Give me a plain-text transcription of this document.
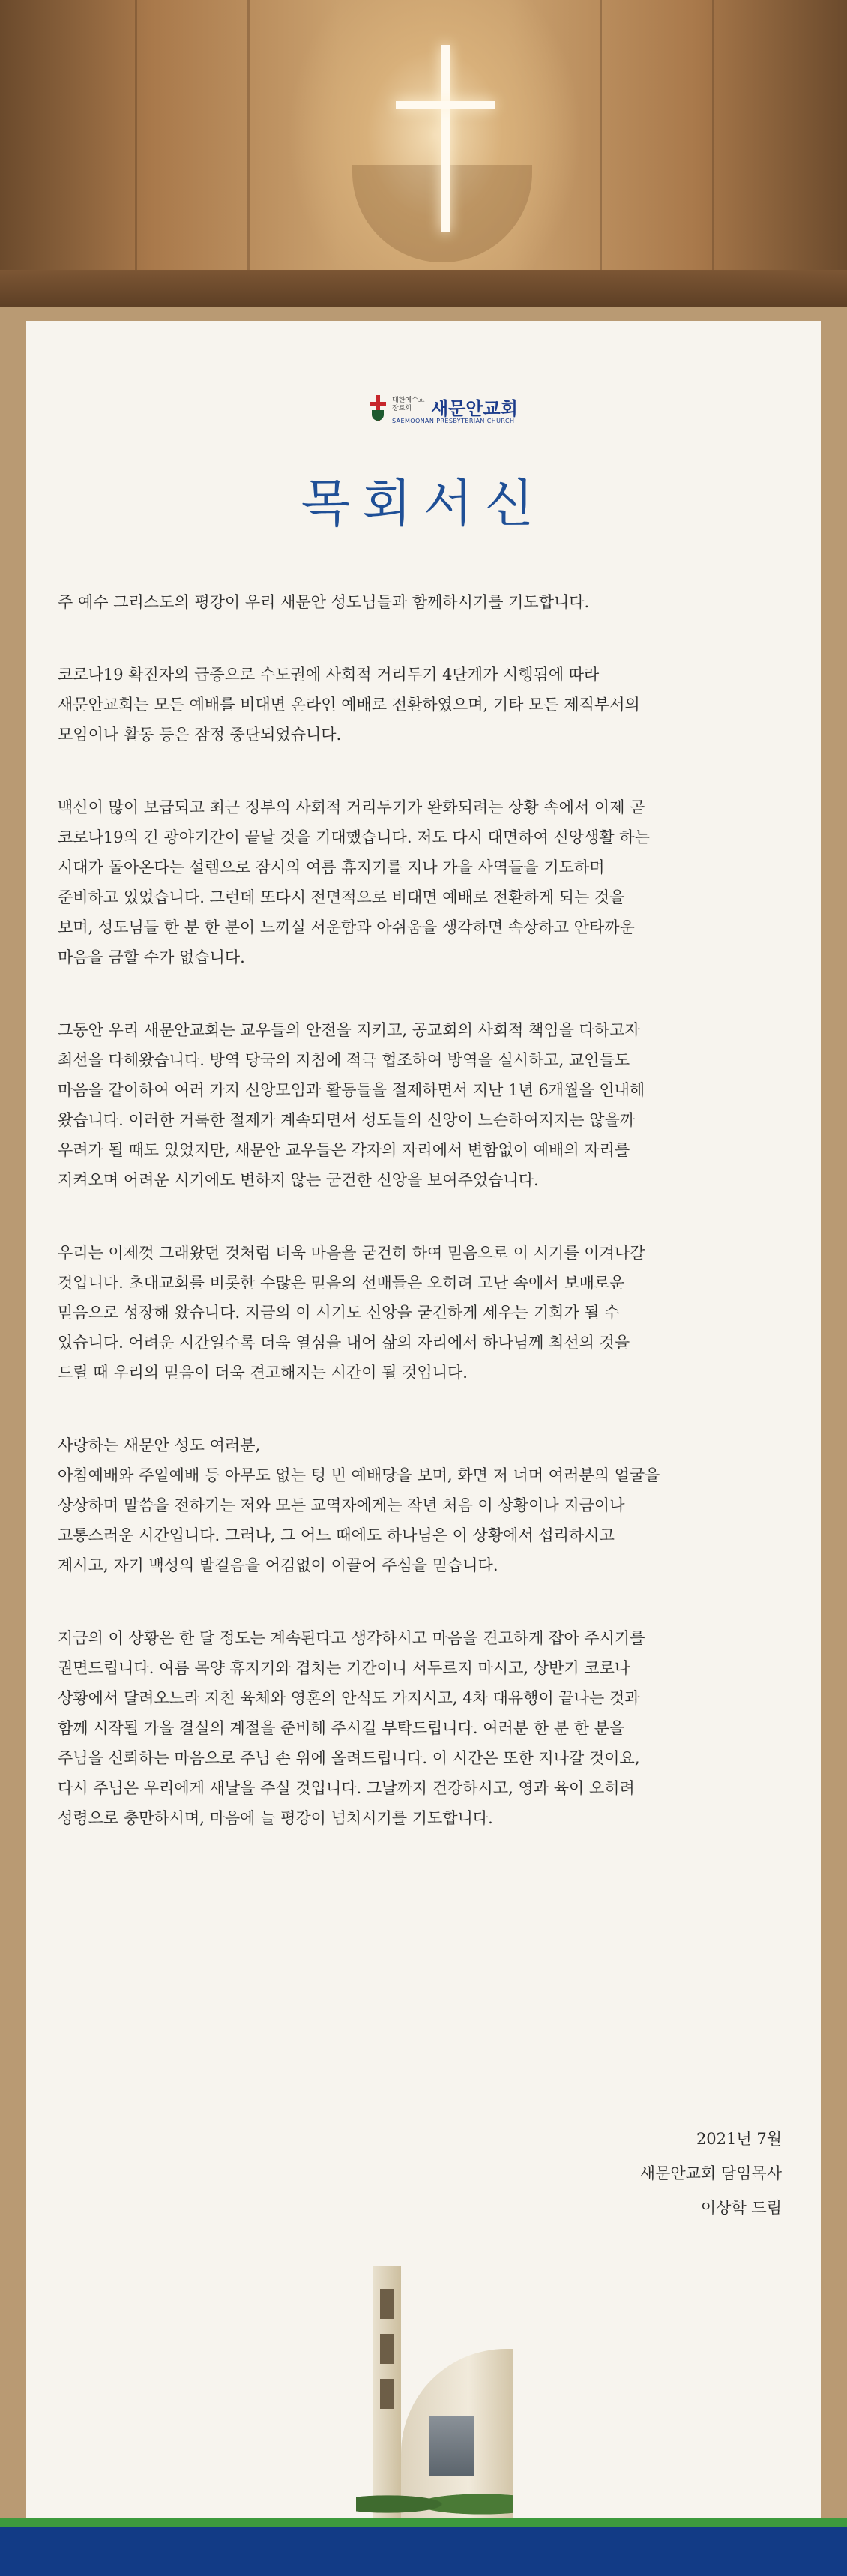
대한예수교 장로회	새문안교회
SAEMOONAN PRESBYTERIAN CHURCH
목회서신

주 예수 그리스도의 평강이 우리 새문안 성도님들과 함께하시기를 기도합니다.

코로나19 확진자의 급증으로 수도권에 사회적 거리두기 4단계가 시행됨에 따라
새문안교회는 모든 예배를 비대면 온라인 예배로 전환하였으며, 기타 모든 제직부서의
모임이나 활동 등은 잠정 중단되었습니다.

백신이 많이 보급되고 최근 정부의 사회적 거리두기가 완화되려는 상황 속에서 이제 곧
코로나19의 긴 광야기간이 끝날 것을 기대했습니다. 저도 다시 대면하여 신앙생활 하는
시대가 돌아온다는 설렘으로 잠시의 여름 휴지기를 지나 가을 사역들을 기도하며
준비하고 있었습니다. 그런데 또다시 전면적으로 비대면 예배로 전환하게 되는 것을
보며, 성도님들 한 분 한 분이 느끼실 서운함과 아쉬움을 생각하면 속상하고 안타까운
마음을 금할 수가 없습니다.

그동안 우리 새문안교회는 교우들의 안전을 지키고, 공교회의 사회적 책임을 다하고자
최선을 다해왔습니다. 방역 당국의 지침에 적극 협조하여 방역을 실시하고, 교인들도
마음을 같이하여 여러 가지 신앙모임과 활동들을 절제하면서 지난 1년 6개월을 인내해
왔습니다. 이러한 거룩한 절제가 계속되면서 성도들의 신앙이 느슨하여지지는 않을까
우려가 될 때도 있었지만, 새문안 교우들은 각자의 자리에서 변함없이 예배의 자리를
지켜오며 어려운 시기에도 변하지 않는 굳건한 신앙을 보여주었습니다.

우리는 이제껏 그래왔던 것처럼 더욱 마음을 굳건히 하여 믿음으로 이 시기를 이겨나갈
것입니다. 초대교회를 비롯한 수많은 믿음의 선배들은 오히려 고난 속에서 보배로운
믿음으로 성장해 왔습니다. 지금의 이 시기도 신앙을 굳건하게 세우는 기회가 될 수
있습니다. 어려운 시간일수록 더욱 열심을 내어 삶의 자리에서 하나님께 최선의 것을
드릴 때 우리의 믿음이 더욱 견고해지는 시간이 될 것입니다.

사랑하는 새문안 성도 여러분,
아침예배와 주일예배 등 아무도 없는 텅 빈 예배당을 보며, 화면 저 너머 여러분의 얼굴을
상상하며 말씀을 전하기는 저와 모든 교역자에게는 작년 처음 이 상황이나 지금이나
고통스러운 시간입니다. 그러나, 그 어느 때에도 하나님은 이 상황에서 섭리하시고
계시고, 자기 백성의 발걸음을 어김없이 이끌어 주심을 믿습니다.

지금의 이 상황은 한 달 정도는 계속된다고 생각하시고 마음을 견고하게 잡아 주시기를
권면드립니다. 여름 목양 휴지기와 겹치는 기간이니 서두르지 마시고, 상반기 코로나
상황에서 달려오느라 지친 육체와 영혼의 안식도 가지시고, 4차 대유행이 끝나는 것과
함께 시작될 가을 결실의 계절을 준비해 주시길 부탁드립니다. 여러분 한 분 한 분을
주님을 신뢰하는 마음으로 주님 손 위에 올려드립니다. 이 시간은 또한 지나갈 것이요,
다시 주님은 우리에게 새날을 주실 것입니다. 그날까지 건강하시고, 영과 육이 오히려
성령으로 충만하시며, 마음에 늘 평강이 넘치시기를 기도합니다.

2021년 7월
새문안교회 담임목사
이상학 드림
